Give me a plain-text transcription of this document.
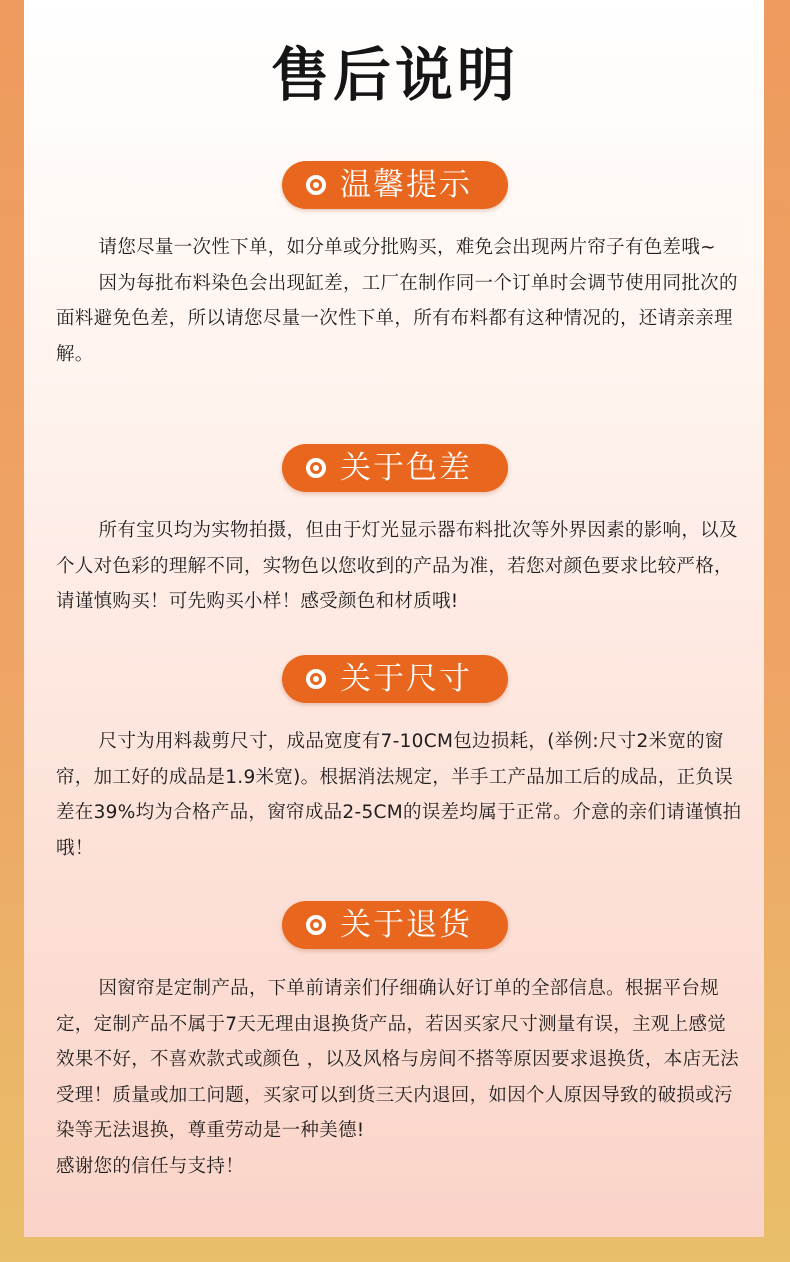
售后说明
温馨提示

请您尽量一次性下单，如分单或分批购买，难免会出现两片帘子有色差哦~

因为每批布料染色会出现缸差，工厂在制作同一个订单时会调节使用同批次的面料避免色差，所以请您尽量一次性下单，所有布料都有这种情况的，还请亲亲理解。

关于色差

所有宝贝均为实物拍摄，但由于灯光显示器布料批次等外界因素的影响，以及个人对色彩的理解不同，实物色以您收到的产品为准，若您对颜色要求比较严格，请谨慎购买！可先购买小样！感受颜色和材质哦!

关于尺寸

尺寸为用料裁剪尺寸，成品宽度有7-10CM包边损耗，(举例:尺寸2米宽的窗帘，加工好的成品是1.9米宽)。根据消法规定，半手工产品加工后的成品，正负误差在39%均为合格产品，窗帘成品2-5CM的误差均属于正常。介意的亲们请谨慎拍哦！

关于退货

因窗帘是定制产品，下单前请亲们仔细确认好订单的全部信息。根据平台规定，定制产品不属于7天无理由退换货产品，若因买家尺寸测量有误，主观上感觉效果不好，不喜欢款式或颜色 ，以及风格与房间不搭等原因要求退换货，本店无法受理！质量或加工问题，买家可以到货三天内退回，如因个人原因导致的破损或污染等无法退换，尊重劳动是一种美德!

感谢您的信任与支持！
